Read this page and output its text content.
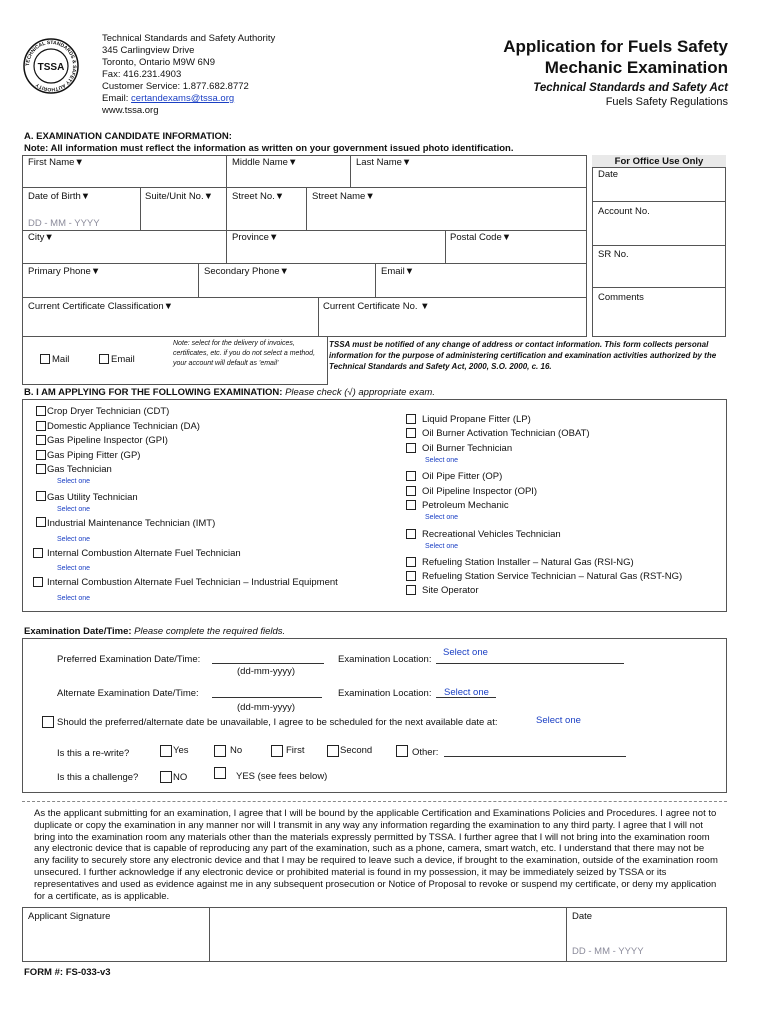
TECHNICAL STANDARDS & SAFETY AUTHORITY
TSSA
Technical Standards and Safety Authority
345 Carlingview Drive
Toronto, Ontario M9W 6N9
Fax: 416.231.4903
Customer Service: 1.877.682.8772
Email: certandexams@tssa.org
www.tssa.org
Application for Fuels Safety
Mechanic Examination
Technical Standards and Safety Act
Fuels Safety Regulations
A. EXAMINATION CANDIDATE INFORMATION:
Note: All information must reflect the information as written on your government issued photo identification.
First Name▼	Middle Name▼	Last Name▼
Date of Birth▼	Suite/Unit No.▼ Street No.▼	Street Name▼
DD - MM - YYYY
City▼	Province▼	Postal Code▼
Primary Phone▼	Secondary Phone▼	Email▼
Current Certificate Classification▼	Current Certificate No. ▼
For Office Use Only
Date
Account No.
SR No.
Comments
Mail	Email
Note: select for the delivery of invoices, certificates, etc. if you do not select a method, your account will default as 'email'
TSSA must be notified of any change of address or contact information. This form collects personal information for the purpose of administering certification and examination activities authorized by the Technical Standards and Safety Act, 2000, S.O. 2000, c. 16.
B. I AM APPLYING FOR THE FOLLOWING EXAMINATION: Please check (√) appropriate exam.
Crop Dryer Technician (CDT)
Domestic Appliance Technician (DA)
Gas Pipeline Inspector (GPI)
Gas Piping Fitter (GP)
Gas Technician
Select one
Gas Utility Technician
Select one
Industrial Maintenance Technician (IMT)
Select one
Internal Combustion Alternate Fuel Technician
Select one
Internal Combustion Alternate Fuel Technician – Industrial Equipment
Select one
Liquid Propane Fitter (LP)
Oil Burner Activation Technician (OBAT)
Oil Burner Technician
Select one
Oil Pipe Fitter (OP)
Oil Pipeline Inspector (OPI)
Petroleum Mechanic
Select one
Recreational Vehicles Technician
Select one
Refueling Station Installer – Natural Gas (RSI-NG)
Refueling Station Service Technician – Natural Gas (RST-NG)
Site Operator
Examination Date/Time: Please complete the required fields.
Preferred Examination Date/Time:
(dd-mm-yyyy)
Examination Location:
Select one
Alternate Examination Date/Time:
(dd-mm-yyyy)
Examination Location: Select one
Should the preferred/alternate date be unavailable, I agree to be scheduled for the next available date at:	Select one
Is this a re-write?	Yes	No	First	Second	Other:
Is this a challenge?	NO	YES (see fees below)
As the applicant submitting for an examination, I agree that I will be bound by the applicable Certification and Examinations Policies and Procedures. I agree not to duplicate or copy the examination in any manner nor will I transmit in any way any information regarding the examination to any third party. I agree that I will not bring into the examination room any materials other than the materials expressly permitted by TSSA. I further agree that I will not bring into the examination room any electronic device that is capable of reproducing any part of the examination, such as a phone, camera, smart watch, etc. I understand that there may not be any facility to securely store any electronic device and that I may be required to leave such a device, if brought to the examination, outside of the examination room unsecured. I further acknowledge if any electronic device or prohibited material is found in my possession, it may be immediately seized by TSSA or its representatives and used as evidence against me in any subsequent prosecution or Notice of Proposal to revoke or suspend my certificate, or deny my application for a certificate, as is applicable.
Applicant Signature	Date
DD - MM - YYYY
FORM #: FS-033-v3
